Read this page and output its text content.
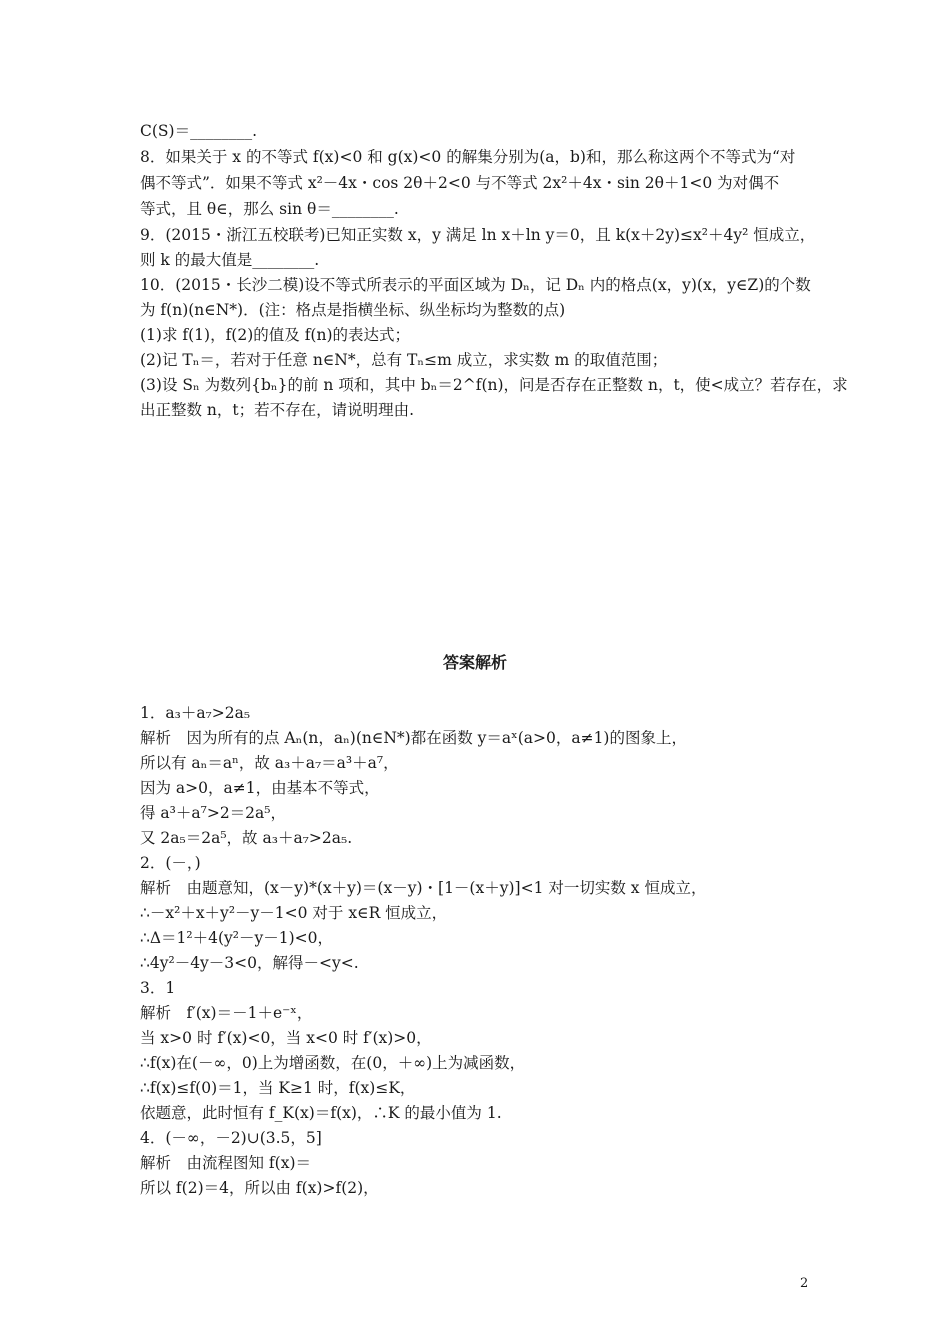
C(S)＝________.
8．如果关于 x 的不等式 f(x)<0 和 g(x)<0 的解集分别为(a，b)和，那么称这两个不等式为“对
偶不等式”．如果不等式 x²－4x・cos 2θ＋2<0 与不等式 2x²＋4x・sin 2θ＋1<0 为对偶不
等式，且 θ∈，那么 sin θ＝________.
9．(2015・浙江五校联考)已知正实数 x，y 满足 ln x＋ln y＝0，且 k(x＋2y)≤x²＋4y² 恒成立，
则 k 的最大值是________.
10．(2015・长沙二模)设不等式所表示的平面区域为 Dₙ，记 Dₙ 内的格点(x，y)(x，y∈Z)的个数
为 f(n)(n∈N*)．(注：格点是指横坐标、纵坐标均为整数的点)
(1)求 f(1)，f(2)的值及 f(n)的表达式；
(2)记 Tₙ＝，若对于任意 n∈N*，总有 Tₙ≤m 成立，求实数 m 的取值范围；
(3)设 Sₙ 为数列{bₙ}的前 n 项和，其中 bₙ＝2^f(n)，问是否存在正整数 n，t，使<成立？若存在，求
出正整数 n，t；若不存在，请说明理由.
答案解析
1．a₃＋a₇>2a₅
解析　因为所有的点 Aₙ(n，aₙ)(n∈N*)都在函数 y＝aˣ(a>0，a≠1)的图象上，
所以有 aₙ＝aⁿ，故 a₃＋a₇＝a³＋a⁷，
因为 a>0，a≠1，由基本不等式，
得 a³＋a⁷>2＝2a⁵，
又 2a₅＝2a⁵，故 a₃＋a₇>2a₅.
2．(－，)
解析　由题意知，(x－y)*(x＋y)＝(x－y)・[1－(x＋y)]<1 对一切实数 x 恒成立，
∴－x²＋x＋y²－y－1<0 对于 x∈R 恒成立，
∴Δ＝1²＋4(y²－y－1)<0，
∴4y²－4y－3<0，解得－<y<.
3．1
解析　f′(x)＝－1＋e⁻ˣ，
当 x>0 时 f′(x)<0，当 x<0 时 f′(x)>0，
∴f(x)在(－∞，0)上为增函数，在(0，＋∞)上为减函数，
∴f(x)≤f(0)＝1，当 K≥1 时，f(x)≤K，
依题意，此时恒有 f_K(x)＝f(x)，∴K 的最小值为 1.
4．(－∞，－2)∪(3.5，5]
解析　由流程图知 f(x)＝
所以 f(2)＝4，所以由 f(x)>f(2)，
2
